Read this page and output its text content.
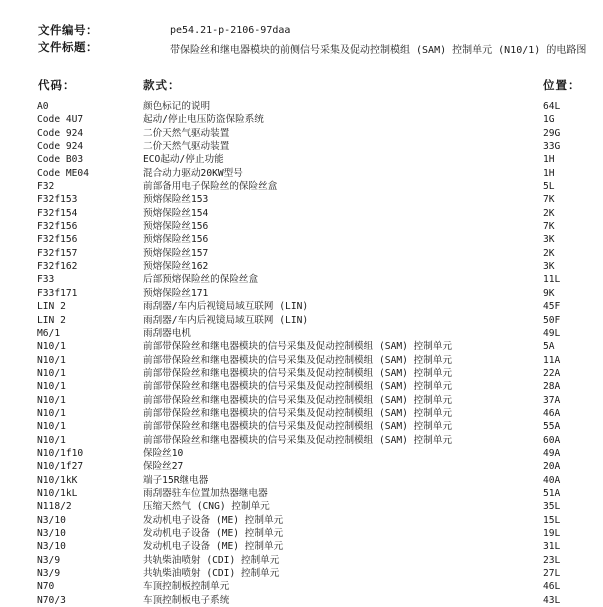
文件编号：	pe54.21-p-2106-97daa
文件标题：	带保险丝和继电器模块的前侧信号采集及促动控制模组 (SAM) 控制单元 (N10/1) 的电路图
代码：	款式：	位置：
A0	颜色标记的说明	64L
Code 4U7	起动/停止电压防盗保险系统	1G
Code 924	二价天然气驱动装置	29G
Code 924	二价天然气驱动装置	33G
Code B03	ECO起动/停止功能	1H
Code ME04	混合动力驱动20KW型号	1H
F32	前部备用电子保险丝的保险丝盒	5L
F32f153	预熔保险丝153	7K
F32f154	预熔保险丝154	2K
F32f156	预熔保险丝156	7K
F32f156	预熔保险丝156	3K
F32f157	预熔保险丝157	2K
F32f162	预熔保险丝162	3K
F33	后部预熔保险丝的保险丝盒	11L
F33f171	预熔保险丝171	9K
LIN 2	雨刮器/车内后视镜局域互联网 (LIN)	45F
LIN 2	雨刮器/车内后视镜局域互联网 (LIN)	50F
M6/1	雨刮器电机	49L
N10/1	前部带保险丝和继电器模块的信号采集及促动控制模组 (SAM) 控制单元	5A
N10/1	前部带保险丝和继电器模块的信号采集及促动控制模组 (SAM) 控制单元	11A
N10/1	前部带保险丝和继电器模块的信号采集及促动控制模组 (SAM) 控制单元	22A
N10/1	前部带保险丝和继电器模块的信号采集及促动控制模组 (SAM) 控制单元	28A
N10/1	前部带保险丝和继电器模块的信号采集及促动控制模组 (SAM) 控制单元	37A
N10/1	前部带保险丝和继电器模块的信号采集及促动控制模组 (SAM) 控制单元	46A
N10/1	前部带保险丝和继电器模块的信号采集及促动控制模组 (SAM) 控制单元	55A
N10/1	前部带保险丝和继电器模块的信号采集及促动控制模组 (SAM) 控制单元	60A
N10/1f10	保险丝10	49A
N10/1f27	保险丝27	20A
N10/1kK	端子15R继电器	40A
N10/1kL	雨刮器驻车位置加热器继电器	51A
N118/2	压缩天然气 (CNG) 控制单元	35L
N3/10	发动机电子设备 (ME) 控制单元	15L
N3/10	发动机电子设备 (ME) 控制单元	19L
N3/10	发动机电子设备 (ME) 控制单元	31L
N3/9	共轨柴油喷射 (CDI) 控制单元	23L
N3/9	共轨柴油喷射 (CDI) 控制单元	27L
N70	车顶控制板控制单元	46L
N70/3	车顶控制板电子系统	43L
